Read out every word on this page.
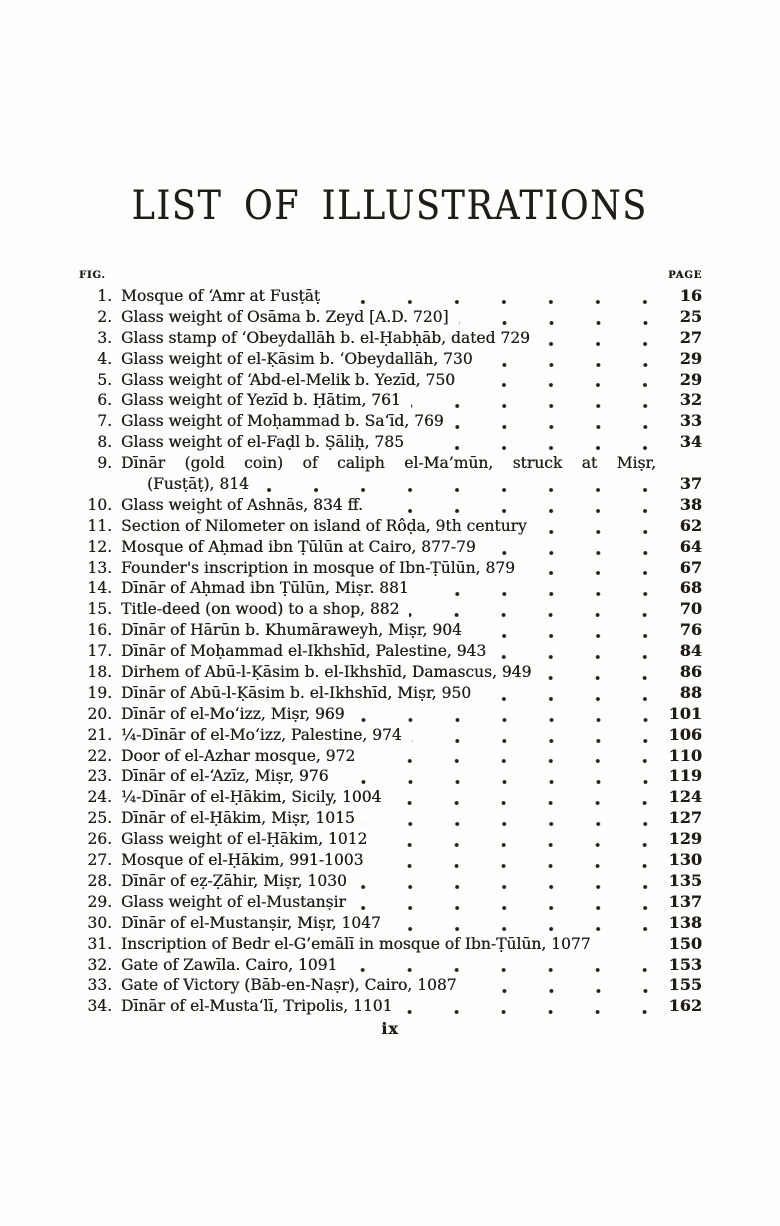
LIST OF ILLUSTRATIONS
FIG.	PAGE
1. Mosque of ‘Amr at Fusṭāṭ	16
2. Glass weight of Osāma b. Zeyd [A.D. 720]	25
3. Glass stamp of ‘Obeydallāh b. el-Ḥabḥāb, dated 729	27
4. Glass weight of el-Ḳāsim b. ‘Obeydallāh, 730	29
5. Glass weight of ‘Abd-el-Melik b. Yezīd, 750	29
6. Glass weight of Yezīd b. Ḥātim, 761	32
7. Glass weight of Moḥammad b. Sa‘īd, 769	33
8. Glass weight of el-Faḍl b. Ṣāliḥ, 785	34
9. Dīnār (gold coin) of caliph el-Ma’mūn, struck at Miṣr,
(Fusṭāṭ), 814	37
10. Glass weight of Ashnās, 834 ff.	38
11. Section of Nilometer on island of Rôḍa, 9th century	62
12. Mosque of Aḥmad ibn Ṭūlūn at Cairo, 877-79	64
13. Founder's inscription in mosque of Ibn-Ṭūlūn, 879	67
14. Dīnār of Aḥmad ibn Ṭūlūn, Miṣr. 881	68
15. Title-deed (on wood) to a shop, 882	70
16. Dīnār of Hārūn b. Khumāraweyh, Miṣr, 904	76
17. Dīnār of Moḥammad el-Ikhshīd, Palestine, 943	84
18. Dirhem of Abū-l-Ḳāsim b. el-Ikhshīd, Damascus, 949	86
19. Dīnār of Abū-l-Ḳāsim b. el-Ikhshīd, Miṣr, 950	88
20. Dīnār of el-Mo‘izz, Miṣr, 969	101
21. ¼-Dīnār of el-Mo‘izz, Palestine, 974	106
22. Door of el-Azhar mosque, 972	110
23. Dīnār of el-‘Azīz, Miṣr, 976	119
24. ¼-Dīnār of el-Ḥākim, Sicily, 1004	124
25. Dīnār of el-Ḥākim, Miṣr, 1015	127
26. Glass weight of el-Ḥākim, 1012	129
27. Mosque of el-Ḥākim, 991-1003	130
28. Dīnār of eẓ-Ẓāhir, Miṣr, 1030	135
29. Glass weight of el-Mustanṣir	137
30. Dīnār of el-Mustanṣir, Miṣr, 1047	138
31. Inscription of Bedr el-G’emālī in mosque of Ibn-Ṭūlūn, 1077	150
32. Gate of Zawīla. Cairo, 1091	153
33. Gate of Victory (Bāb-en-Naṣr), Cairo, 1087	155
34. Dīnār of el-Musta‘lī, Tripolis, 1101	162
ix
